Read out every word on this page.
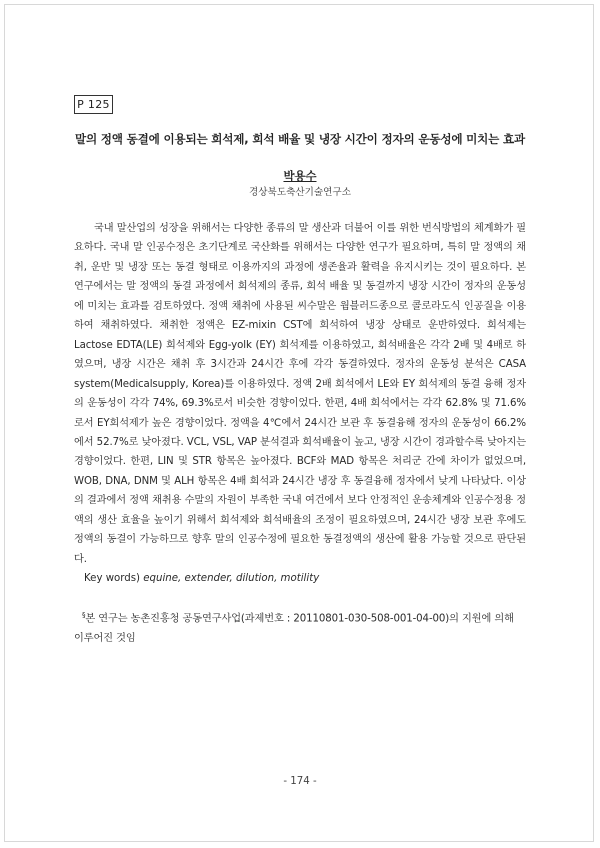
P 125
말의 정액 동결에 이용되는 희석제, 희석 배율 및 냉장 시간이 정자의 운동성에 미치는 효과
박용수
경상북도축산기술연구소

국내 말산업의 성장을 위해서는 다양한 종류의 말 생산과 더불어 이를 위한 번식방법의 체계화가 필요하다. 국내 말 인공수정은 초기단계로 국산화를 위해서는 다양한 연구가 필요하며, 특히 말 정액의 채취, 운반 및 냉장 또는 동결 형태로 이용까지의 과정에 생존율과 활력을 유지시키는 것이 필요하다. 본 연구에서는 말 정액의 동결 과정에서 희석제의 종류, 희석 배율 및 동결까지 냉장 시간이 정자의 운동성에 미치는 효과를 검토하였다. 정액 채취에 사용된 씨수말은 웜블러드종으로 콜로라도식 인공질을 이용하여 채취하였다. 채취한 정액은 EZ-mixin CST에 희석하여 냉장 상태로 운반하였다. 희석제는 Lactose EDTA(LE) 희석제와 Egg-yolk (EY) 희석제를 이용하였고, 희석배율은 각각 2배 및 4배로 하였으며, 냉장 시간은 채취 후 3시간과 24시간 후에 각각 동결하였다. 정자의 운동성 분석은 CASA system(Medicalsupply, Korea)를 이용하였다. 정액 2배 희석에서 LE와 EY 희석제의 동결 융해 정자의 운동성이 각각 74%, 69.3%로서 비슷한 경향이었다. 한편, 4배 희석에서는 각각 62.8% 및 71.6%로서 EY희석제가 높은 경향이었다. 정액을 4℃에서 24시간 보관 후 동결융해 정자의 운동성이 66.2%에서 52.7%로 낮아졌다. VCL, VSL, VAP 분석결과 희석배율이 높고, 냉장 시간이 경과할수록 낮아지는 경향이었다. 한편, LIN 및 STR 항목은 높아졌다. BCF와 MAD 항목은 처리군 간에 차이가 없었으며, WOB, DNA, DNM 및 ALH 항목은 4배 희석과 24시간 냉장 후 동결융해 정자에서 낮게 나타났다. 이상의 결과에서 정액 채취용 수말의 자원이 부족한 국내 여건에서 보다 안정적인 운송체계와 인공수정용 정액의 생산 효율을 높이기 위해서 희석제와 희석배율의 조정이 필요하였으며, 24시간 냉장 보관 후에도 정액의 동결이 가능하므로 향후 말의 인공수정에 필요한 동결정액의 생산에 활용 가능할 것으로 판단된다.

Key words) equine, extender, dilution, motility

§본 연구는 농촌진흥청 공동연구사업(과제번호 : 20110801-030-508-001-04-00)의 지원에 의해 이루어진 것임

- 174 -
